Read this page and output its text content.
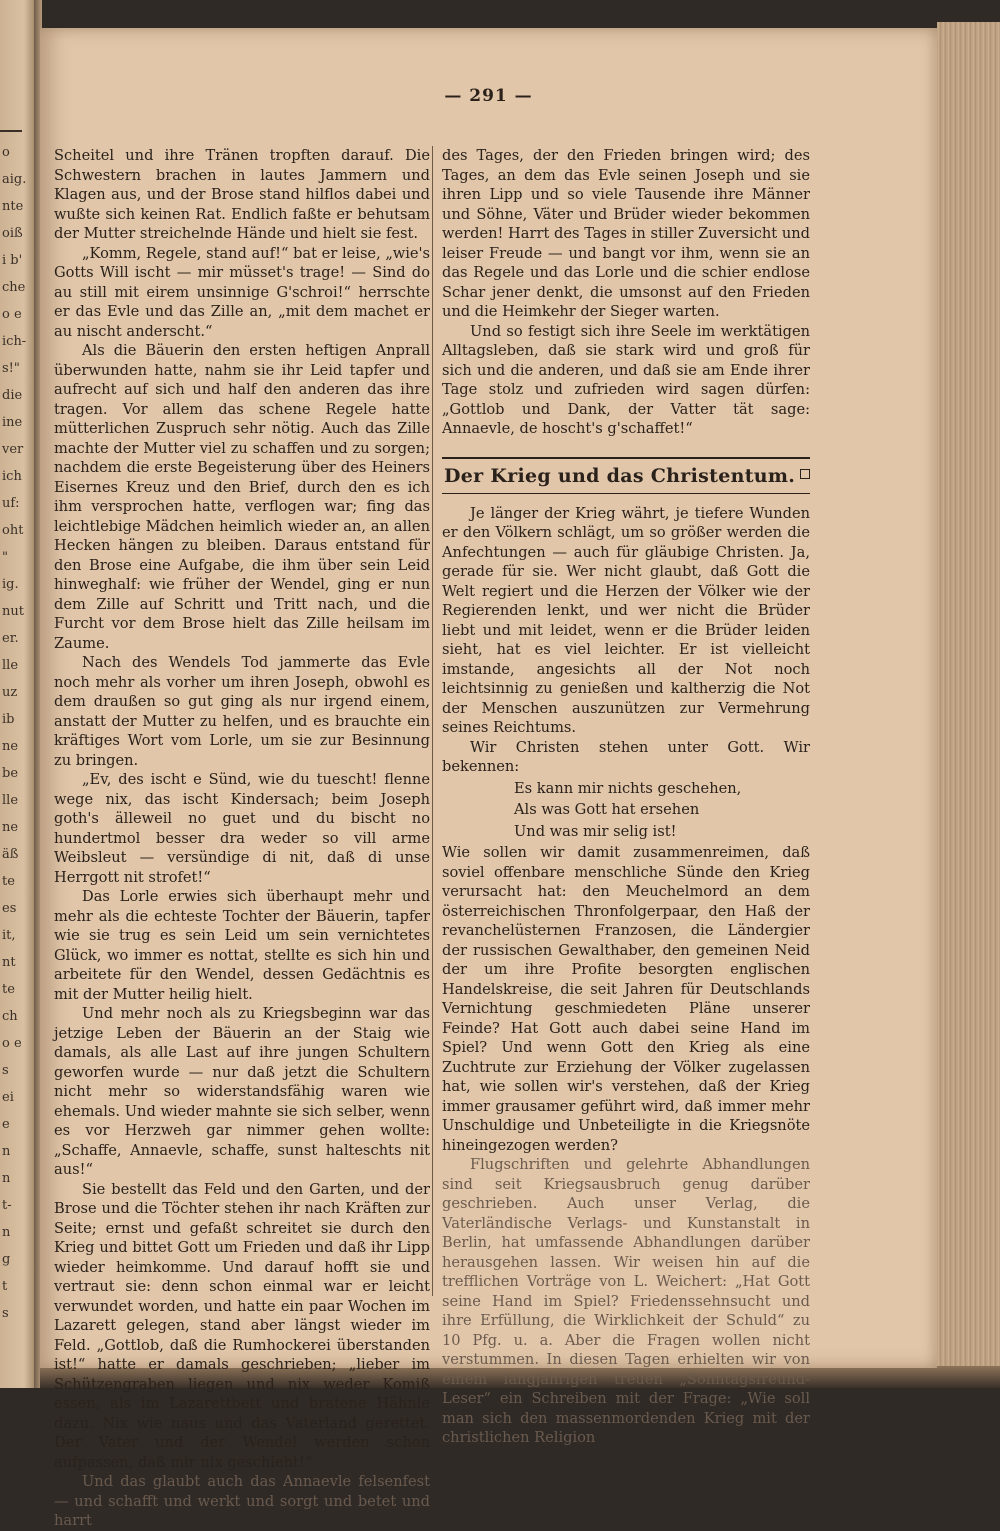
o
aig.
nte
oiß
i b'
che
o e
ich-
s!"
die
ine
ver
ich
uf:
oht
"
ig.
nut
er.
lle
uz
ib
ne
be
lle
ne
äß
te
es
it,
nt
te
ch
o e
s
ei
e
n
n
t-
n
g
t
s
— 291 —

Scheitel und ihre Tränen tropften darauf. Die Schwestern brachen in lautes Jammern und Klagen aus, und der Brose stand hilflos dabei und wußte sich keinen Rat. Endlich faßte er behutsam der Mutter streichelnde Hände und hielt sie fest.

„Komm, Regele, stand auf!“ bat er leise, „wie's Gotts Will ischt — mir müsset's trage! — Sind do au still mit eirem unsinnige G'schroi!“ herrschte er das Evle und das Zille an, „mit dem machet er au nischt anderscht.“

Als die Bäuerin den ersten heftigen Anprall überwunden hatte, nahm sie ihr Leid tapfer und aufrecht auf sich und half den anderen das ihre tragen. Vor allem das schene Regele hatte mütterlichen Zuspruch sehr nötig. Auch das Zille machte der Mutter viel zu schaffen und zu sorgen; nachdem die erste Begeisterung über des Heiners Eisernes Kreuz und den Brief, durch den es ich ihm versprochen hatte, verflogen war; fing das leichtlebige Mädchen heimlich wieder an, an allen Hecken hängen zu bleiben. Daraus entstand für den Brose eine Aufgabe, die ihm über sein Leid hinweghalf: wie früher der Wendel, ging er nun dem Zille auf Schritt und Tritt nach, und die Furcht vor dem Brose hielt das Zille heilsam im Zaume.

Nach des Wendels Tod jammerte das Evle noch mehr als vorher um ihren Joseph, obwohl es dem draußen so gut ging als nur irgend einem, anstatt der Mutter zu helfen, und es brauchte ein kräftiges Wort vom Lorle, um sie zur Besinnung zu bringen.

„Ev, des ischt e Sünd, wie du tuescht! flenne wege nix, das ischt Kindersach; beim Joseph goth's älleweil no guet und du bischt no hundertmol besser dra weder so vill arme Weibsleut — versündige di nit, daß di unse Herrgott nit strofet!“

Das Lorle erwies sich überhaupt mehr und mehr als die echteste Tochter der Bäuerin, tapfer wie sie trug es sein Leid um sein vernichtetes Glück, wo immer es nottat, stellte es sich hin und arbeitete für den Wendel, dessen Gedächtnis es mit der Mutter heilig hielt.

Und mehr noch als zu Kriegsbeginn war das jetzige Leben der Bäuerin an der Staig wie damals, als alle Last auf ihre jungen Schultern geworfen wurde — nur daß jetzt die Schultern nicht mehr so widerstandsfähig waren wie ehemals. Und wieder mahnte sie sich selber, wenn es vor Herzweh gar nimmer gehen wollte: „Schaffe, Annaevle, schaffe, sunst halteschts nit aus!“

Sie bestellt das Feld und den Garten, und der Brose und die Töchter stehen ihr nach Kräften zur Seite; ernst und gefaßt schreitet sie durch den Krieg und bittet Gott um Frieden und daß ihr Lipp wieder heimkomme. Und darauf hofft sie und vertraut sie: denn schon einmal war er leicht verwundet worden, und hatte ein paar Wochen im Lazarett gelegen, stand aber längst wieder im Feld. „Gottlob, daß die Rumhockerei überstanden ist!“ hatte er damals geschrieben; „lieber im Schützengraben liegen und nix weder Komiß essen, als im Lazarettbett und bratene Hähnle dazu. Nix wie naus und das Vaterland gerettet. Der Vater und der Wendel werden schon aufpassen, daß mir nix geschieht!“

Und das glaubt auch das Annaevle felsenfest — und schafft und werkt und sorgt und betet und harrt

des Tages, der den Frieden bringen wird; des Tages, an dem das Evle seinen Joseph und sie ihren Lipp und so viele Tausende ihre Männer und Söhne, Väter und Brüder wieder bekommen werden! Harrt des Tages in stiller Zuversicht und leiser Freude — und bangt vor ihm, wenn sie an das Regele und das Lorle und die schier endlose Schar jener denkt, die umsonst auf den Frieden und die Heimkehr der Sieger warten.

Und so festigt sich ihre Seele im werktätigen Alltagsleben, daß sie stark wird und groß für sich und die anderen, und daß sie am Ende ihrer Tage stolz und zufrieden wird sagen dürfen: „Gottlob und Dank, der Vatter tät sage: Annaevle, de hoscht's g'schaffet!“

Der Krieg und das Christentum.

Je länger der Krieg währt, je tiefere Wunden er den Völkern schlägt, um so größer werden die Anfechtungen — auch für gläubige Christen. Ja, gerade für sie. Wer nicht glaubt, daß Gott die Welt regiert und die Herzen der Völker wie der Regierenden lenkt, und wer nicht die Brüder liebt und mit leidet, wenn er die Brüder leiden sieht, hat es viel leichter. Er ist vielleicht imstande, angesichts all der Not noch leichtsinnig zu genießen und kaltherzig die Not der Menschen auszunützen zur Vermehrung seines Reichtums.

Wir Christen stehen unter Gott. Wir bekennen:

Es kann mir nichts geschehen,

Als was Gott hat ersehen

Und was mir selig ist!

Wie sollen wir damit zusammenreimen, daß soviel offenbare menschliche Sünde den Krieg verursacht hat: den Meuchelmord an dem österreichischen Thronfolgerpaar, den Haß der revanchelüsternen Franzosen, die Ländergier der russischen Gewalthaber, den gemeinen Neid der um ihre Profite besorgten englischen Handelskreise, die seit Jahren für Deutschlands Vernichtung geschmiedeten Pläne unserer Feinde? Hat Gott auch dabei seine Hand im Spiel? Und wenn Gott den Krieg als eine Zuchtrute zur Erziehung der Völker zugelassen hat, wie sollen wir's verstehen, daß der Krieg immer grausamer geführt wird, daß immer mehr Unschuldige und Unbeteiligte in die Kriegsnöte hineingezogen werden?

Flugschriften und gelehrte Abhandlungen sind seit Kriegsausbruch genug darüber geschrieben. Auch unser Verlag, die Vaterländische Verlags- und Kunstanstalt in Berlin, hat umfassende Abhandlungen darüber herausgehen lassen. Wir weisen hin auf die trefflichen Vorträge von L. Weichert: „Hat Gott seine Hand im Spiel? Friedenssehnsucht und ihre Erfüllung, die Wirklichkeit der Schuld“ zu 10 Pfg. u. a. Aber die Fragen wollen nicht verstummen. In diesen Tagen erhielten wir von einem langjährigen treuen „Sonntagsfreund-Leser“ ein Schreiben mit der Frage: „Wie soll man sich den massenmordenden Krieg mit der christlichen Religion
